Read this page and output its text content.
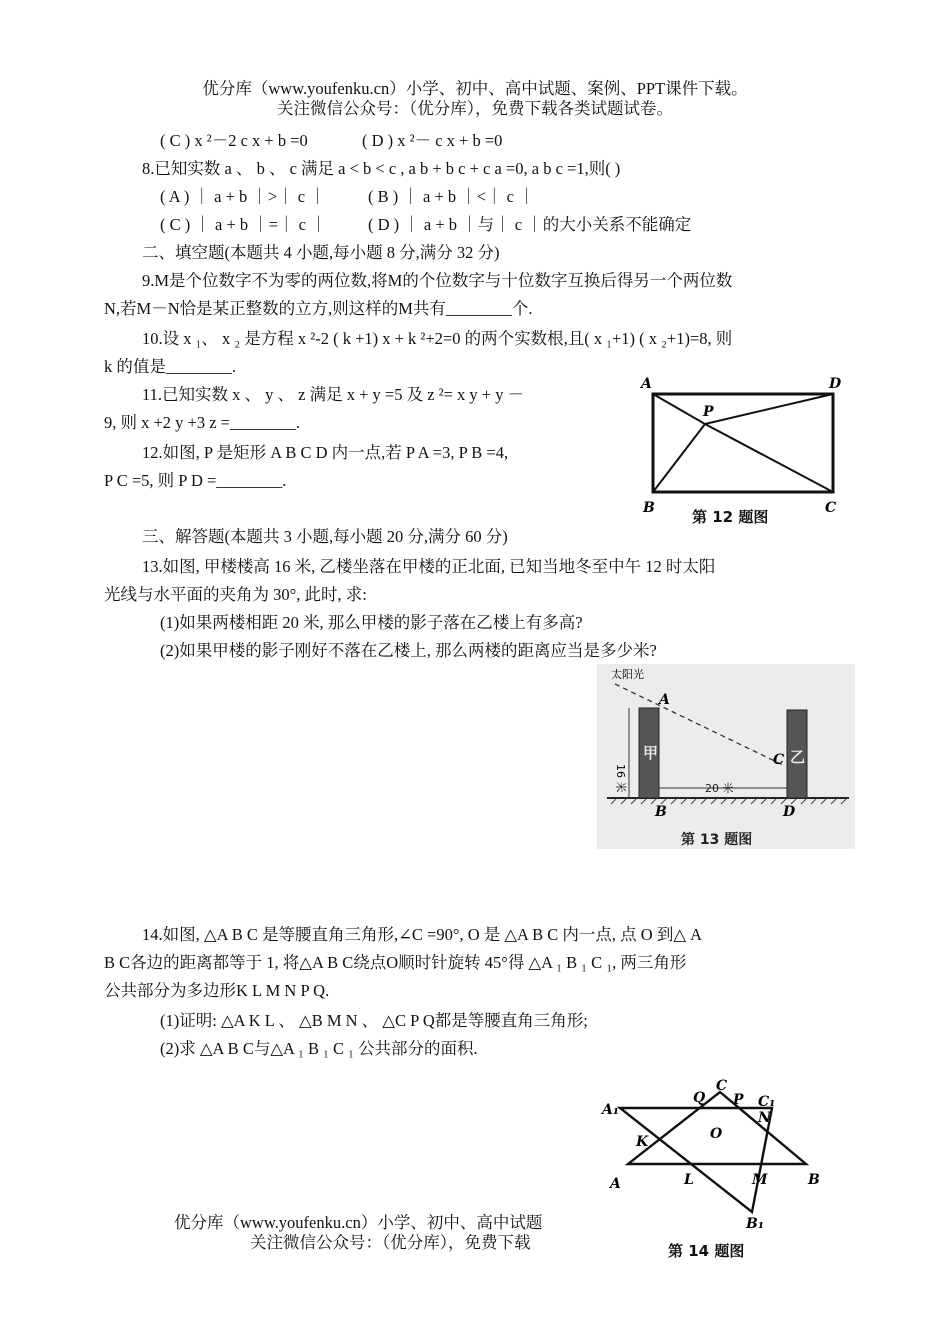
优分库（www.youfenku.cn）小学、初中、高中试题、案例、PPT课件下载。
关注微信公众号：（优分库），免费下载各类试题试卷。
( C ) x ²－2 c x + b =0	( D ) x ²－ c x + b =0
8.已知实数 a 、 b 、 c 满足 a < b < c , a b + b c + c a =0, a b c =1,则( )
( A ) ｜ a + b ｜>｜ c ｜	( B ) ｜ a + b ｜<｜ c ｜
( C ) ｜ a + b ｜=｜ c ｜	( D ) ｜ a + b ｜与｜ c ｜的大小关系不能确定
二、填空题(本题共 4 小题,每小题 8 分,满分 32 分)
9.M是个位数字不为零的两位数,将M的个位数字与十位数字互换后得另一个两位数
N,若M－N恰是某正整数的立方,则这样的M共有________个.
10.设 x ₁、 x ₂ 是方程 x ²-2 ( k +1) x + k ²+2=0 的两个实数根,且( x ₁+1) ( x ₂+1)=8, 则
k 的值是________.
11.已知实数 x 、 y 、 z 满足 x + y =5 及 z ²= x y + y －
9, 则 x +2 y +3 z =________.
12.如图, P 是矩形 A B C D 内一点,若 P A =3, P B =4,
P C =5, 则 P D =________.
A	D
P
B	C
第 12 题图
三、解答题(本题共 3 小题,每小题 20 分,满分 60 分)
13.如图, 甲楼楼高 16 米, 乙楼坐落在甲楼的正北面, 已知当地冬至中午 12 时太阳
光线与水平面的夹角为 30°, 此时, 求:
(1)如果两楼相距 20 米, 那么甲楼的影子落在乙楼上有多高?
(2)如果甲楼的影子刚好不落在乙楼上, 那么两楼的距离应当是多少米?
太阳光
16 米	20 米
甲	乙
A
C
B	D
第 13 题图
14.如图, △A B C 是等腰直角三角形,∠C =90°, O 是 △A B C 内一点, 点 O 到△ A
B C各边的距离都等于 1, 将△A B C绕点O顺时针旋转 45°得 △A ₁ B ₁ C ₁, 两三角形
公共部分为多边形K L M N P Q.
(1)证明: △A K L 、 △B M N 、 △C P Q都是等腰直角三角形;
(2)求 △A B C与△A ₁ B ₁ C ₁ 公共部分的面积.
C
A₁	C₁
Q P
N
O
K
A	L	M	B
B₁
第 14 题图
优分库（www.youfenku.cn）小学、初中、高中试题
关注微信公众号：（优分库），免费下载
